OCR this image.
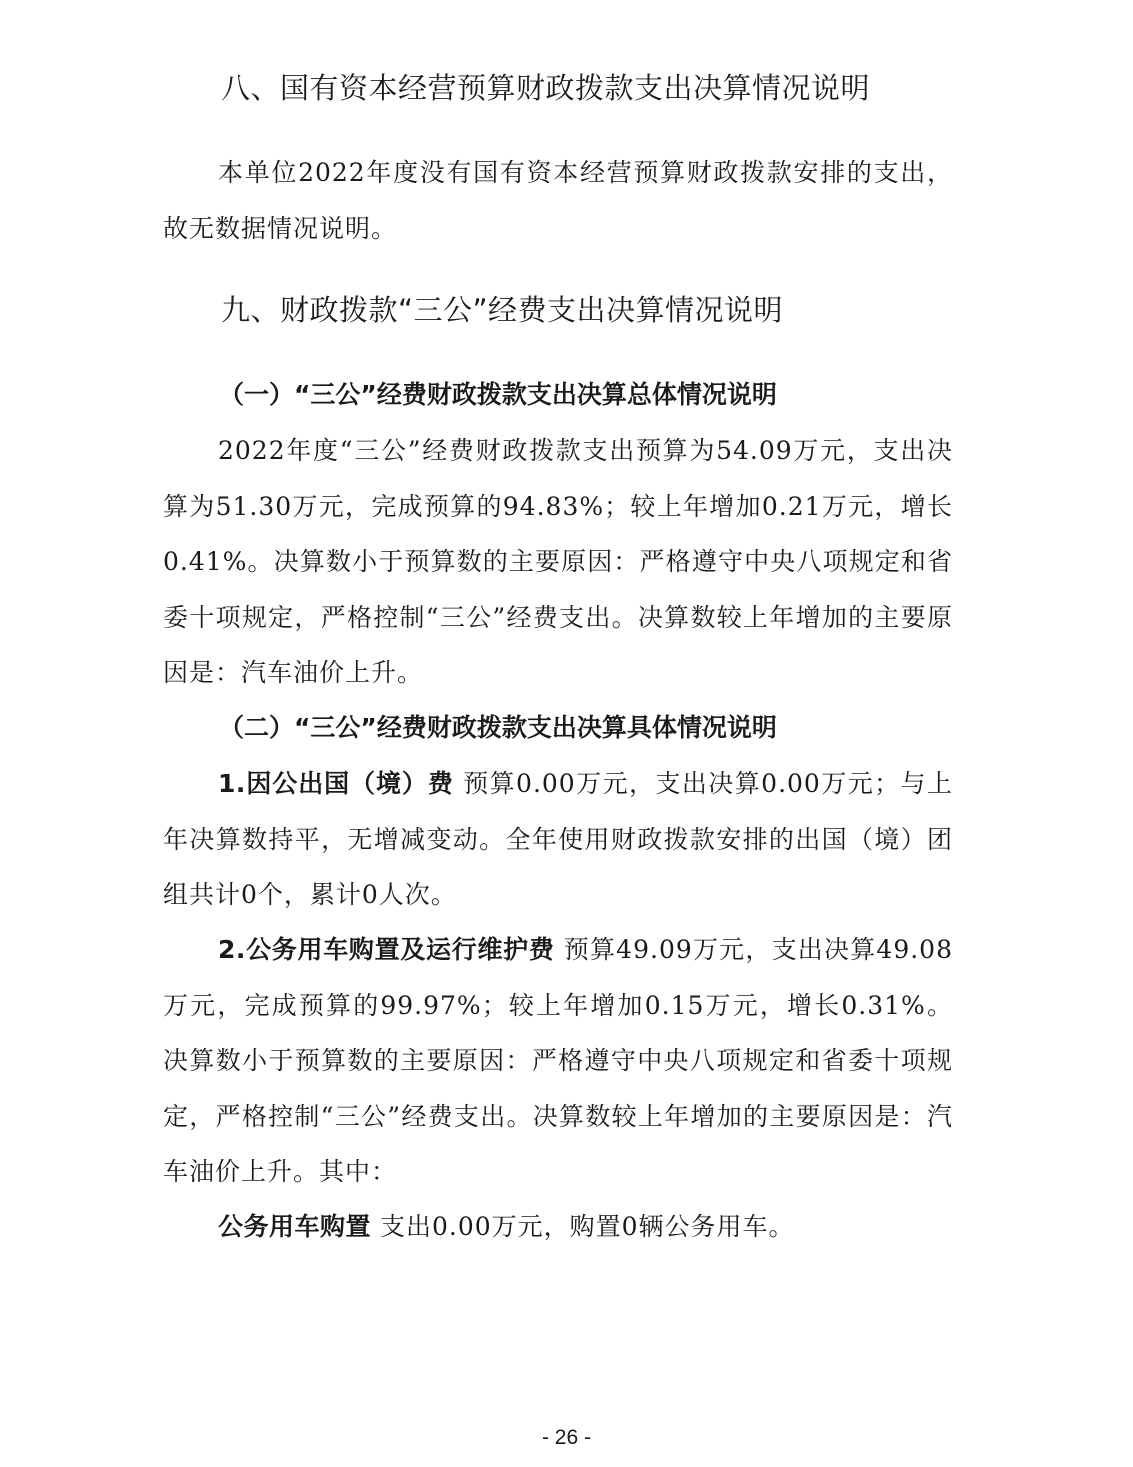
八、国有资本经营预算财政拨款支出决算情况说明

本单位2022年度没有国有资本经营预算财政拨款安排的支出，故无数据情况说明。

九、财政拨款“三公”经费支出决算情况说明
（一）“三公”经费财政拨款支出决算总体情况说明

2022年度“三公”经费财政拨款支出预算为54.09万元，支出决算为51.30万元，完成预算的94.83%；较上年增加0.21万元，增长0.41%。决算数小于预算数的主要原因：严格遵守中央八项规定和省委十项规定，严格控制“三公”经费支出。决算数较上年增加的主要原因是：汽车油价上升。

（二）“三公”经费财政拨款支出决算具体情况说明

1.因公出国（境）费 预算0.00万元，支出决算0.00万元；与上年决算数持平，无增减变动。全年使用财政拨款安排的出国（境）团组共计0个，累计0人次。

2.公务用车购置及运行维护费 预算49.09万元，支出决算49.08万元，完成预算的99.97%；较上年增加0.15万元，增长0.31%。决算数小于预算数的主要原因：严格遵守中央八项规定和省委十项规定，严格控制“三公”经费支出。决算数较上年增加的主要原因是：汽车油价上升。其中：

公务用车购置 支出0.00万元，购置0辆公务用车。

- 26 -
